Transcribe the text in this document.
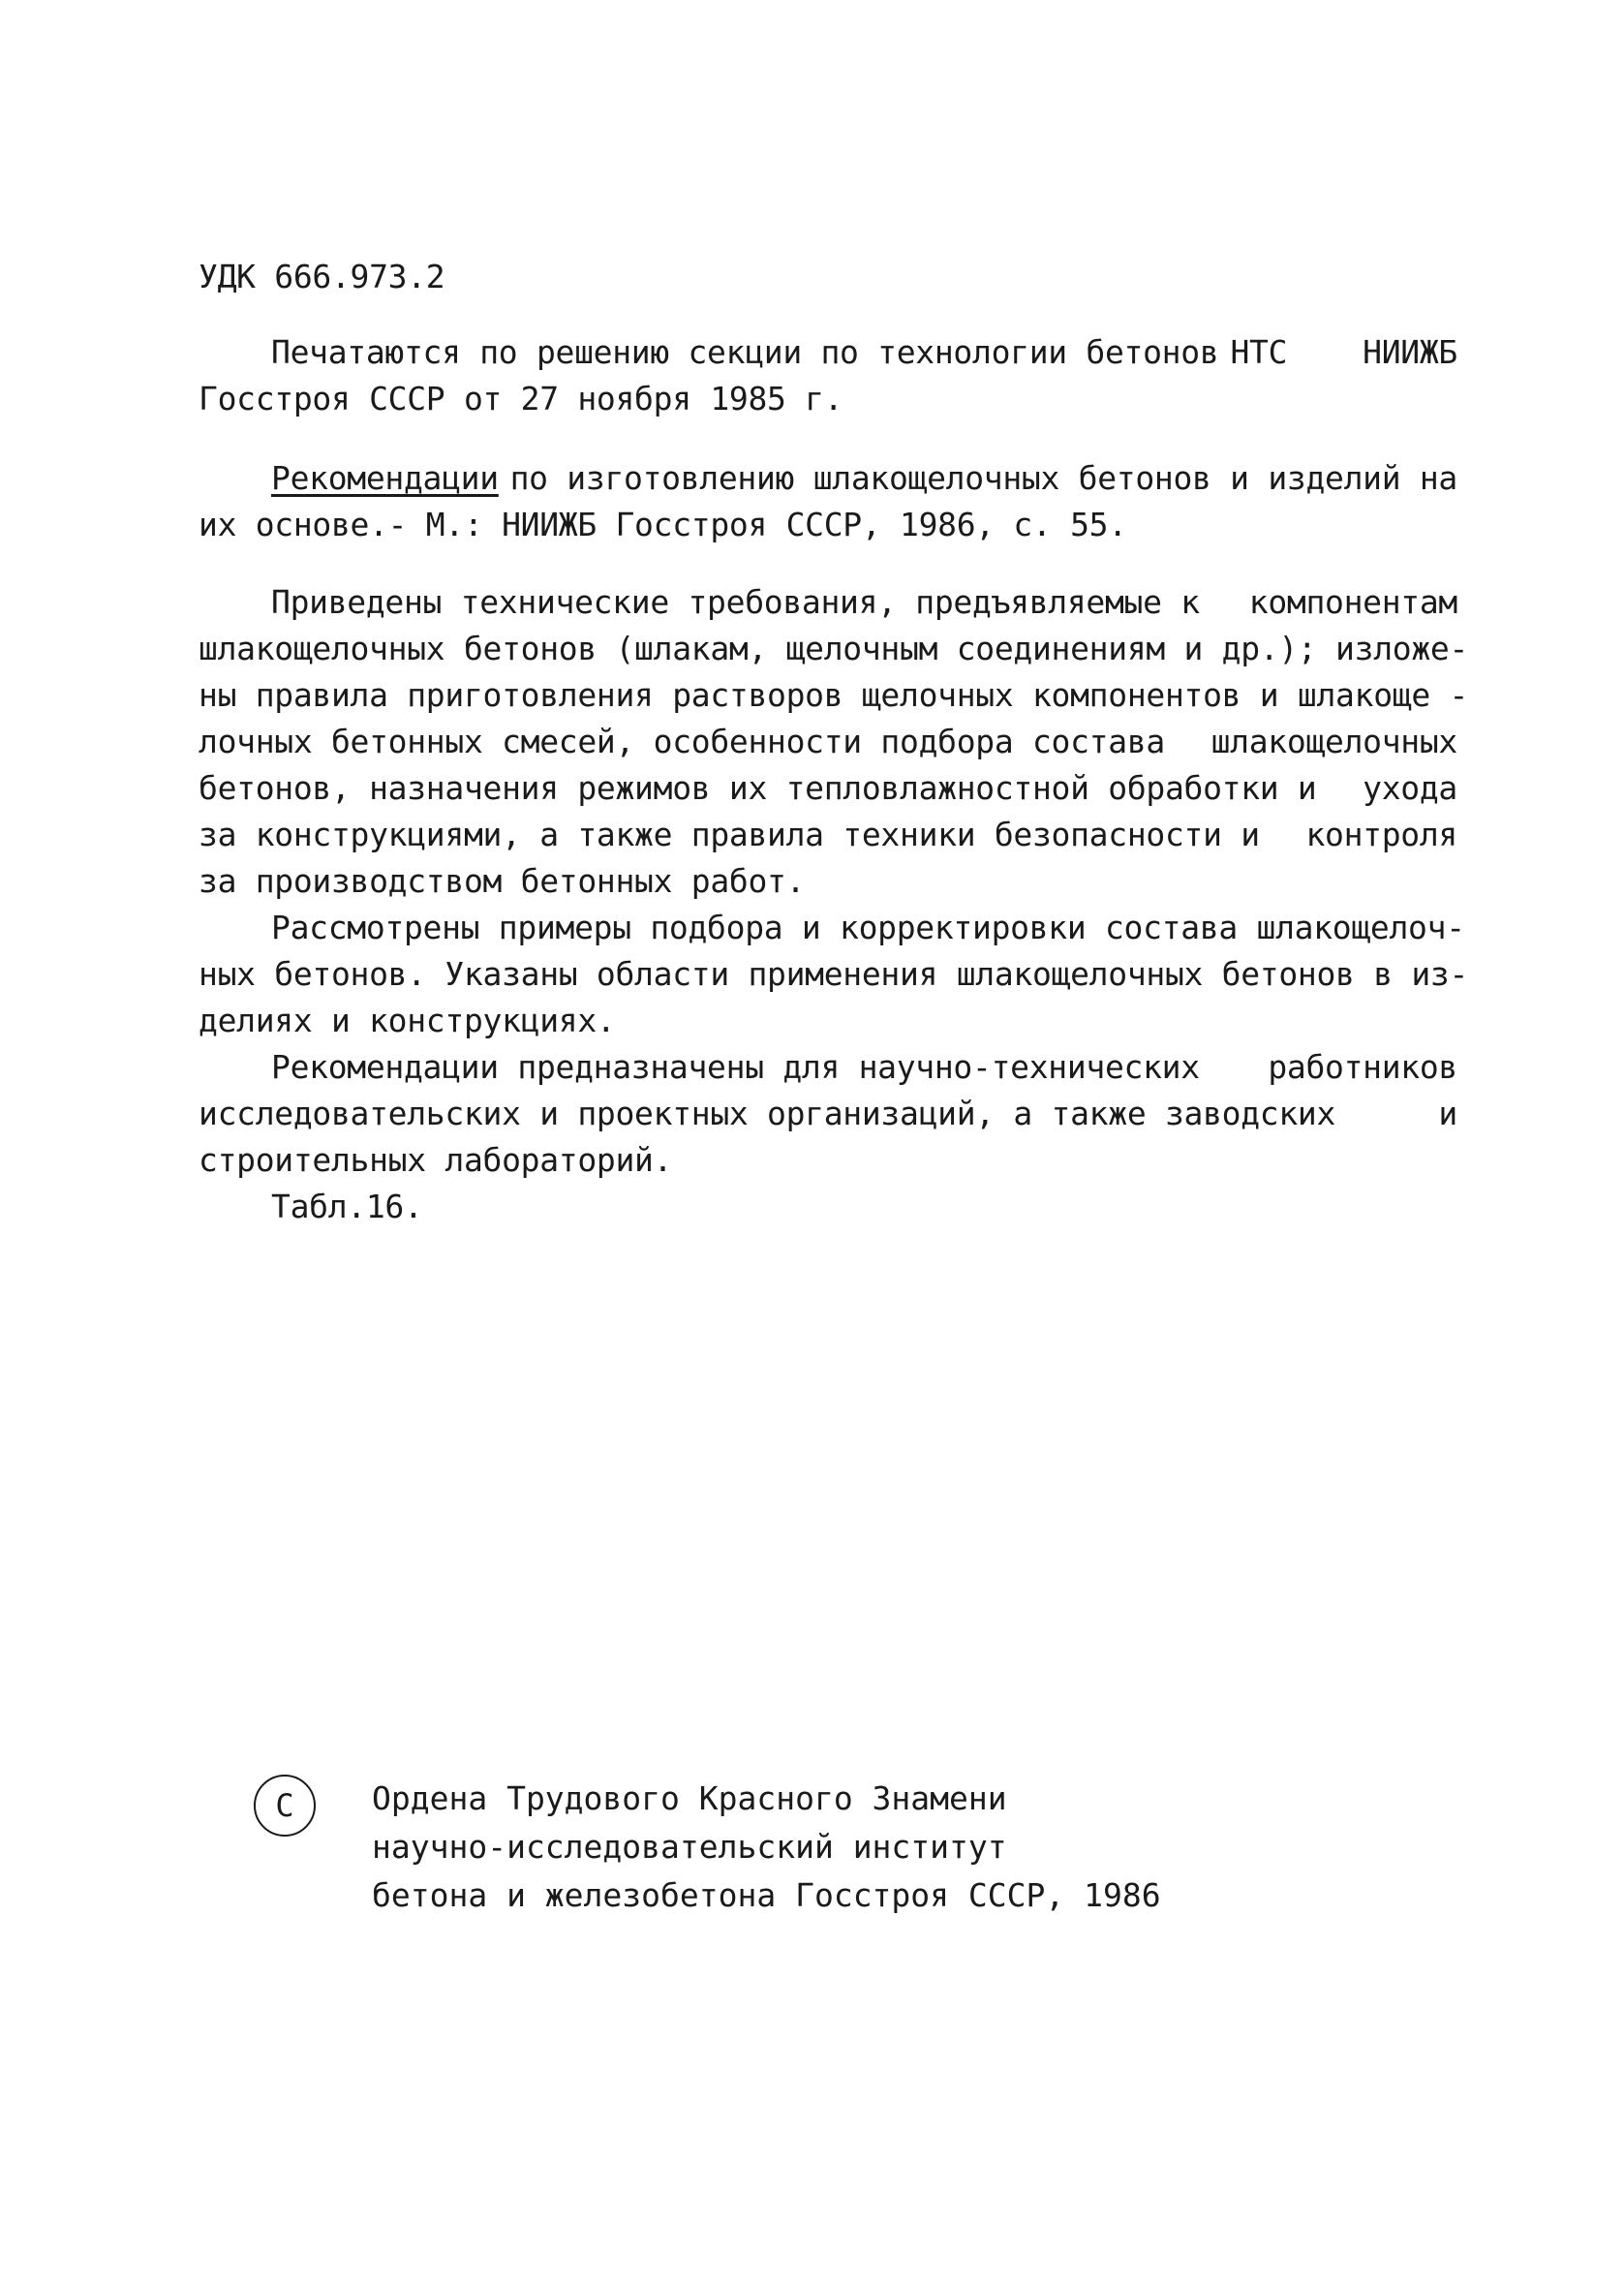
УДК 666.973.2
Печатаются по решению секции по технологии бетонов НТС НИИЖБ
Госстроя СССР от 27 ноября 1985 г.
Рекомендации по изготовлению шлакощелочных бетонов и изделий на
их основе.- М.: НИИЖБ Госстроя СССР, 1986, с. 55.
Приведены технические требования, предъявляемые к компонентам
шлакощелочных бетонов (шлакам, щелочным соединениям и др.); изложе-
ны правила приготовления растворов щелочных компонентов и шлакоще -
лочных бетонных смесей, особенности подбора состава шлакощелочных
бетонов, назначения режимов их тепловлажностной обработки и ухода
за конструкциями, а также правила техники безопасности и контроля
за производством бетонных работ.
Рассмотрены примеры подбора и корректировки состава шлакощелоч-
ных бетонов. Указаны области применения шлакощелочных бетонов в из-
делиях и конструкциях.
Рекомендации предназначены для научно-технических работников
исследовательских и проектных организаций, а также заводских	и
строительных лабораторий.
Табл.16.
С Ордена Трудового Красного Знамени
научно-исследовательский институт
бетона и железобетона Госстроя СССР, 1986
